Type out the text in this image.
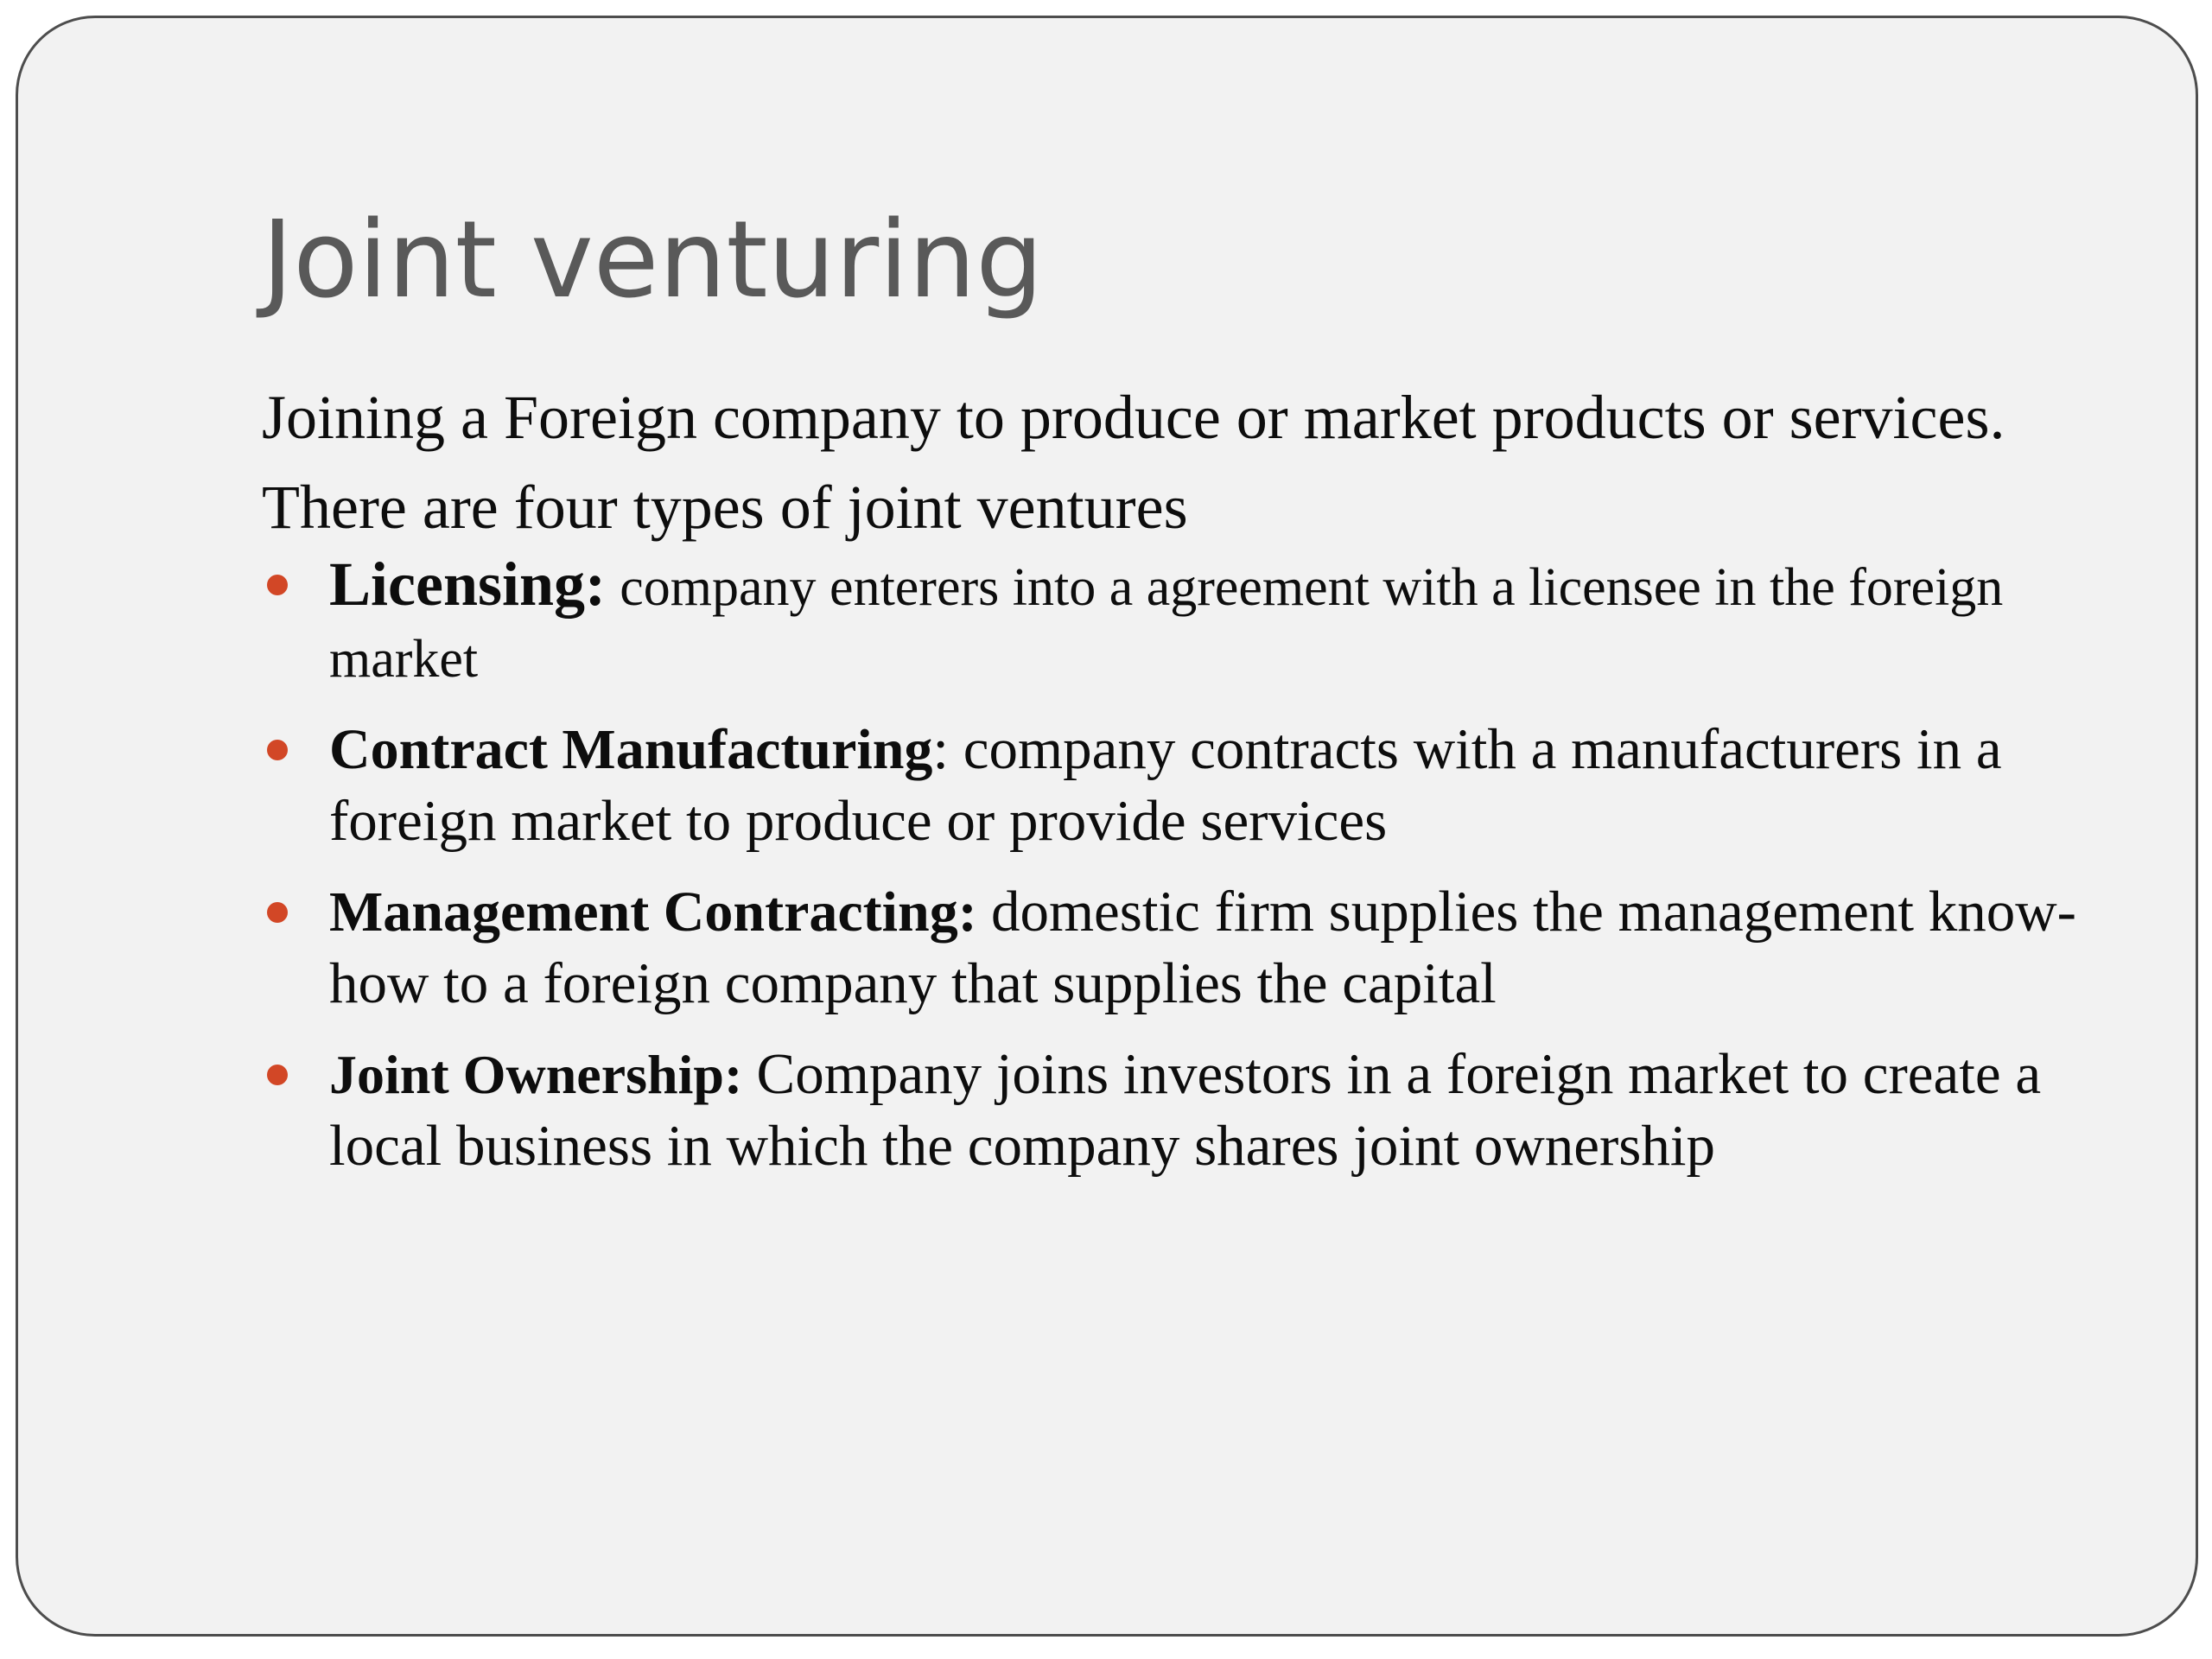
Joint venturing

Joining a Foreign company to produce or market products or services. There are four types of joint ventures

Licensing: company enterers into a agreement with a licensee in the foreign market
Contract Manufacturing: company contracts with a manufacturers in a foreign market to produce or provide services
Management Contracting: domestic firm supplies the management know-how to a foreign company that supplies the capital
Joint Ownership: Company joins investors in a foreign market to create a local business in which the company shares joint ownership
